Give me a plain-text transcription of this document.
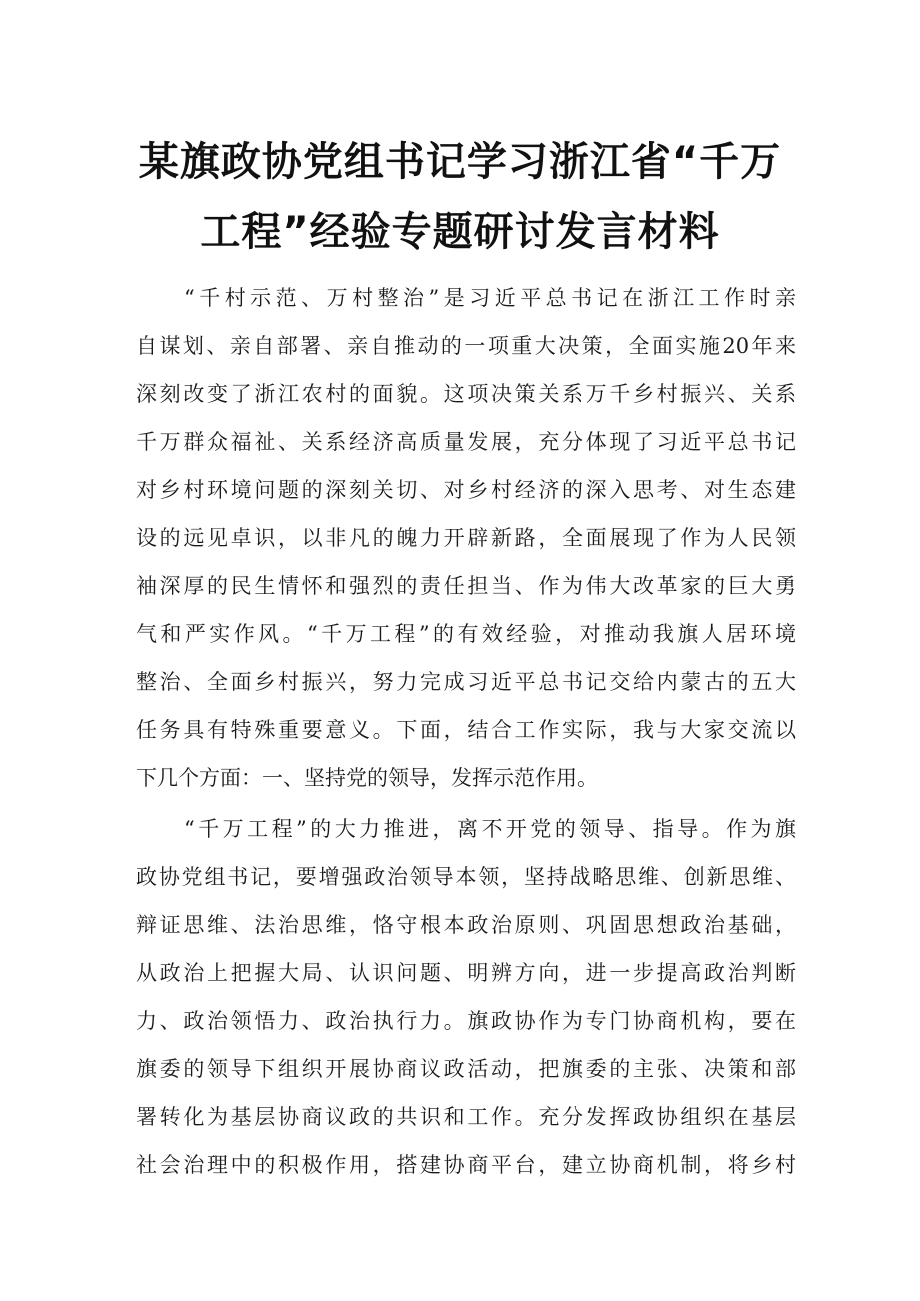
某旗政协党组书记学习浙江省“千万
工程”经验专题研讨发言材料
“千村示范、万村整治”是习近平总书记在浙江工作时亲
自谋划、亲自部署、亲自推动的一项重大决策，全面实施20年来
深刻改变了浙江农村的面貌。这项决策关系万千乡村振兴、关系
千万群众福祉、关系经济高质量发展，充分体现了习近平总书记
对乡村环境问题的深刻关切、对乡村经济的深入思考、对生态建
设的远见卓识，以非凡的魄力开辟新路，全面展现了作为人民领
袖深厚的民生情怀和强烈的责任担当、作为伟大改革家的巨大勇
气和严实作风。“千万工程”的有效经验，对推动我旗人居环境
整治、全面乡村振兴，努力完成习近平总书记交给内蒙古的五大
任务具有特殊重要意义。下面，结合工作实际，我与大家交流以
下几个方面：一、坚持党的领导，发挥示范作用。
“千万工程”的大力推进，离不开党的领导、指导。作为旗
政协党组书记，要增强政治领导本领，坚持战略思维、创新思维、
辩证思维、法治思维，恪守根本政治原则、巩固思想政治基础，
从政治上把握大局、认识问题、明辨方向，进一步提高政治判断
力、政治领悟力、政治执行力。旗政协作为专门协商机构，要在
旗委的领导下组织开展协商议政活动，把旗委的主张、决策和部
署转化为基层协商议政的共识和工作。充分发挥政协组织在基层
社会治理中的积极作用，搭建协商平台，建立协商机制，将乡村
